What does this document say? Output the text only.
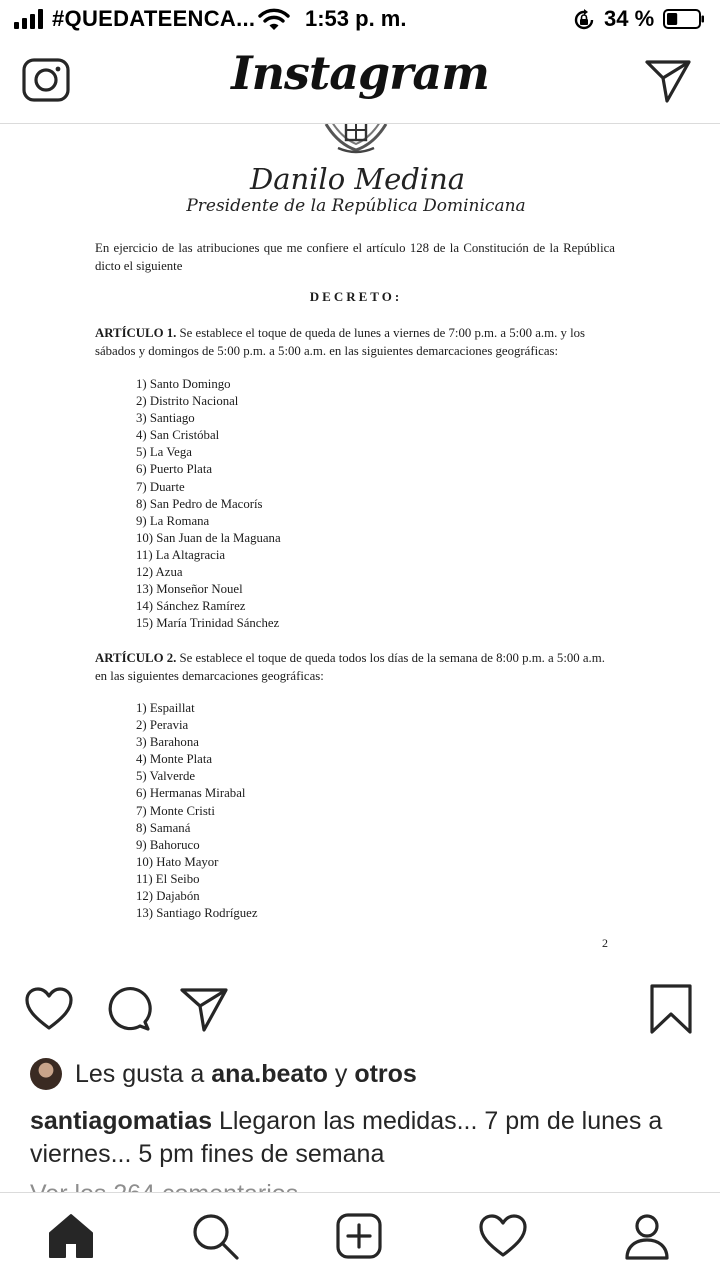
#QUEDATEENCA... 1:53 p. m.	34 %
Instagram
Danilo Medina
Presidente de la República Dominicana
En ejercicio de las atribuciones que me confiere el artículo 128 de la Constitución de la República dicto el siguiente
DECRETO:
ARTÍCULO 1. Se establece el toque de queda de lunes a viernes de 7:00 p.m. a 5:00 a.m. y los sábados y domingos de 5:00 p.m. a 5:00 a.m. en las siguientes demarcaciones geográficas:
1) Santo Domingo
2) Distrito Nacional
3) Santiago
4) San Cristóbal
5) La Vega
6) Puerto Plata
7) Duarte
8) San Pedro de Macorís
9) La Romana
10) San Juan de la Maguana
11) La Altagracia
12) Azua
13) Monseñor Nouel
14) Sánchez Ramírez
15) María Trinidad Sánchez
ARTÍCULO 2. Se establece el toque de queda todos los días de la semana de 8:00 p.m. a 5:00 a.m. en las siguientes demarcaciones geográficas:
1) Espaillat
2) Peravia
3) Barahona
4) Monte Plata
5) Valverde
6) Hermanas Mirabal
7) Monte Cristi
8) Samaná
9) Bahoruco
10) Hato Mayor
11) El Seibo
12) Dajabón
13) Santiago Rodríguez
2
Les gusta a ana.beato y otros
santiagomatias Llegaron las medidas... 7 pm de lunes a viernes... 5 pm fines de semana
